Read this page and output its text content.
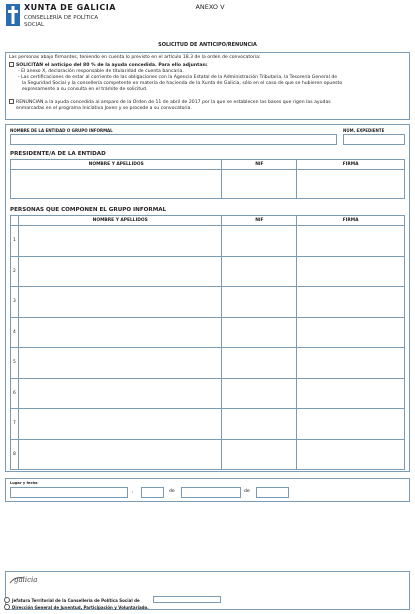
XUNTA DE GALICIA
CONSELLERÍA DE POLÍTICA
SOCIAL
ANEXO V
SOLICITUD DE ANTICIPO/RENUNCIA
Las personas abajo firmantes, teniendo en cuenta lo previsto en el artículo 18.3 de la orden de convocatoria:
SOLICITAN el anticipo del 80 % de la ayuda concedida. Para ello adjuntan:
- El anexo X, declaración responsable de titularidad de cuenta bancaria.
- Las certificaciones de estar al corriente de las obligaciones con la Agencia Estatal de la Administración Tributaria, la Tesorería General de
la Seguridad Social y la consellería competente en materia de hacienda de la Xunta de Galicia, sólo en el caso de que se hubieren opuesto
expresamente a su consulta en el trámite de solicitud.
RENUNCIAN a la ayuda concedida al amparo de la Orden de 11 de abril de 2017 por la que se establecen las bases que rigen las ayudas
enmarcadas en el programa Iniciativa Joven y se procede a su convocatoria.
NOMBRE DE LA ENTIDAD O GRUPO INFORMAL	NÚM. EXPEDIENTE
PRESIDENTE/A DE LA ENTIDAD
NOMBRE Y APELLIDOS	NIF	FIRMA

PERSONAS QUE COMPONEN EL GRUPO INFORMAL
	NOMBRE Y APELLIDOS	NIF	FIRMA
1			
2			
3			
4			
5			
6			
7			
8			
Lugar y fecha
,	de	de
galicia
Jefatura Territorial de la Consellería de Política Social de
Dirección General de Juventud, Participación y Voluntariado.
